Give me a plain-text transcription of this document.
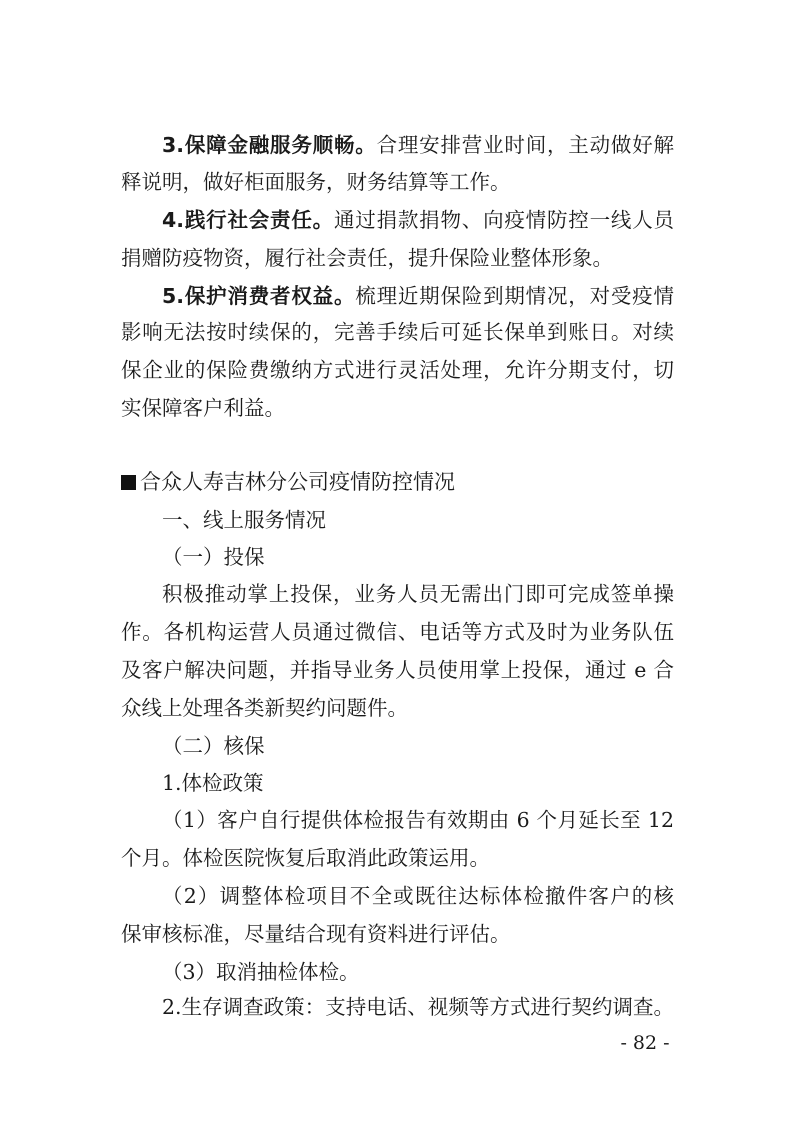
3.保障金融服务顺畅。合理安排营业时间，主动做好解
释说明，做好柜面服务，财务结算等工作。
4.践行社会责任。通过捐款捐物、向疫情防控一线人员
捐赠防疫物资，履行社会责任，提升保险业整体形象。
5.保护消费者权益。梳理近期保险到期情况，对受疫情
影响无法按时续保的，完善手续后可延长保单到账日。对续
保企业的保险费缴纳方式进行灵活处理，允许分期支付，切
实保障客户利益。
合众人寿吉林分公司疫情防控情况
一、线上服务情况
（一）投保
积极推动掌上投保，业务人员无需出门即可完成签单操
作。各机构运营人员通过微信、电话等方式及时为业务队伍
及客户解决问题，并指导业务人员使用掌上投保，通过 e 合
众线上处理各类新契约问题件。
（二）核保
1.体检政策
（1）客户自行提供体检报告有效期由 6 个月延长至 12
个月。体检医院恢复后取消此政策运用。
（2）调整体检项目不全或既往达标体检撤件客户的核
保审核标准，尽量结合现有资料进行评估。
（3）取消抽检体检。
2.生存调查政策：支持电话、视频等方式进行契约调查。
- 82 -
